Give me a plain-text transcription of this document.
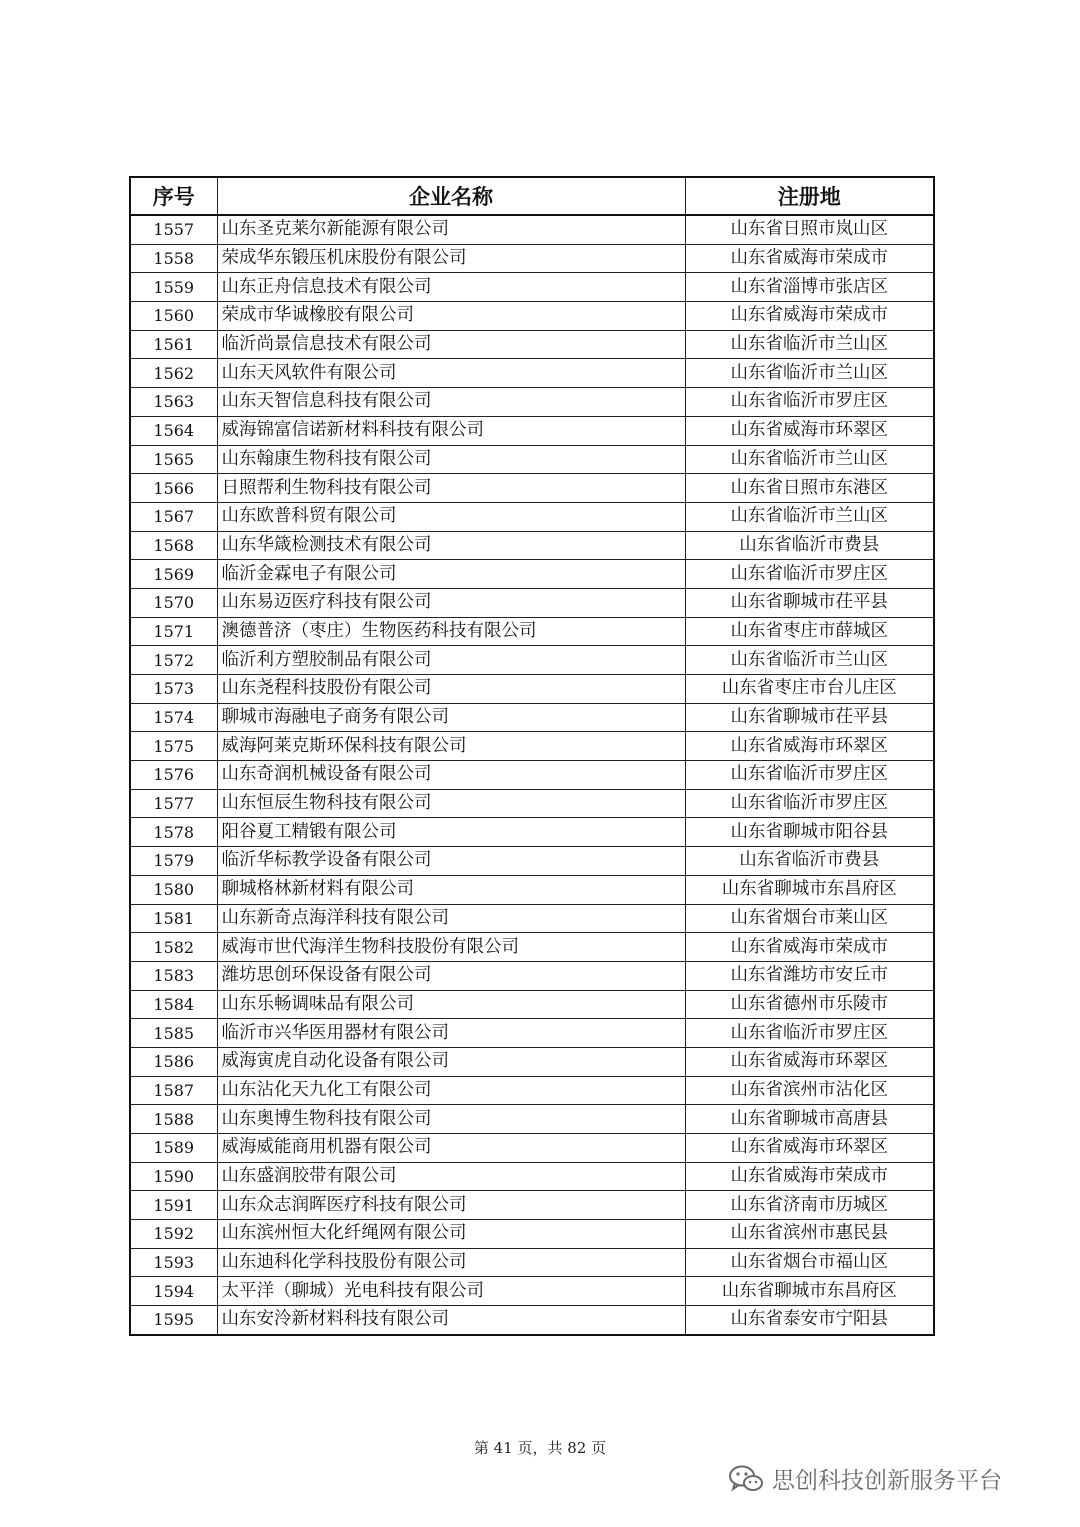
序号	企业名称	注册地
1557	山东圣克莱尔新能源有限公司	山东省日照市岚山区
1558	荣成华东锻压机床股份有限公司	山东省威海市荣成市
1559	山东正舟信息技术有限公司	山东省淄博市张店区
1560	荣成市华诚橡胶有限公司	山东省威海市荣成市
1561	临沂尚景信息技术有限公司	山东省临沂市兰山区
1562	山东天风软件有限公司	山东省临沂市兰山区
1563	山东天智信息科技有限公司	山东省临沂市罗庄区
1564	威海锦富信诺新材料科技有限公司	山东省威海市环翠区
1565	山东翰康生物科技有限公司	山东省临沂市兰山区
1566	日照帮利生物科技有限公司	山东省日照市东港区
1567	山东欧普科贸有限公司	山东省临沂市兰山区
1568	山东华箴检测技术有限公司	山东省临沂市费县
1569	临沂金霖电子有限公司	山东省临沂市罗庄区
1570	山东易迈医疗科技有限公司	山东省聊城市茌平县
1571	澳德普济（枣庄）生物医药科技有限公司	山东省枣庄市薛城区
1572	临沂利方塑胶制品有限公司	山东省临沂市兰山区
1573	山东尧程科技股份有限公司	山东省枣庄市台儿庄区
1574	聊城市海融电子商务有限公司	山东省聊城市茌平县
1575	威海阿莱克斯环保科技有限公司	山东省威海市环翠区
1576	山东奇润机械设备有限公司	山东省临沂市罗庄区
1577	山东恒辰生物科技有限公司	山东省临沂市罗庄区
1578	阳谷夏工精锻有限公司	山东省聊城市阳谷县
1579	临沂华标教学设备有限公司	山东省临沂市费县
1580	聊城格林新材料有限公司	山东省聊城市东昌府区
1581	山东新奇点海洋科技有限公司	山东省烟台市莱山区
1582	威海市世代海洋生物科技股份有限公司	山东省威海市荣成市
1583	潍坊思创环保设备有限公司	山东省潍坊市安丘市
1584	山东乐畅调味品有限公司	山东省德州市乐陵市
1585	临沂市兴华医用器材有限公司	山东省临沂市罗庄区
1586	威海寅虎自动化设备有限公司	山东省威海市环翠区
1587	山东沾化天九化工有限公司	山东省滨州市沾化区
1588	山东奥博生物科技有限公司	山东省聊城市高唐县
1589	威海威能商用机器有限公司	山东省威海市环翠区
1590	山东盛润胶带有限公司	山东省威海市荣成市
1591	山东众志润晖医疗科技有限公司	山东省济南市历城区
1592	山东滨州恒大化纤绳网有限公司	山东省滨州市惠民县
1593	山东迪科化学科技股份有限公司	山东省烟台市福山区
1594	太平洋（聊城）光电科技有限公司	山东省聊城市东昌府区
1595	山东安泠新材料科技有限公司	山东省泰安市宁阳县
第 41 页，共 82 页
思创科技创新服务平台
